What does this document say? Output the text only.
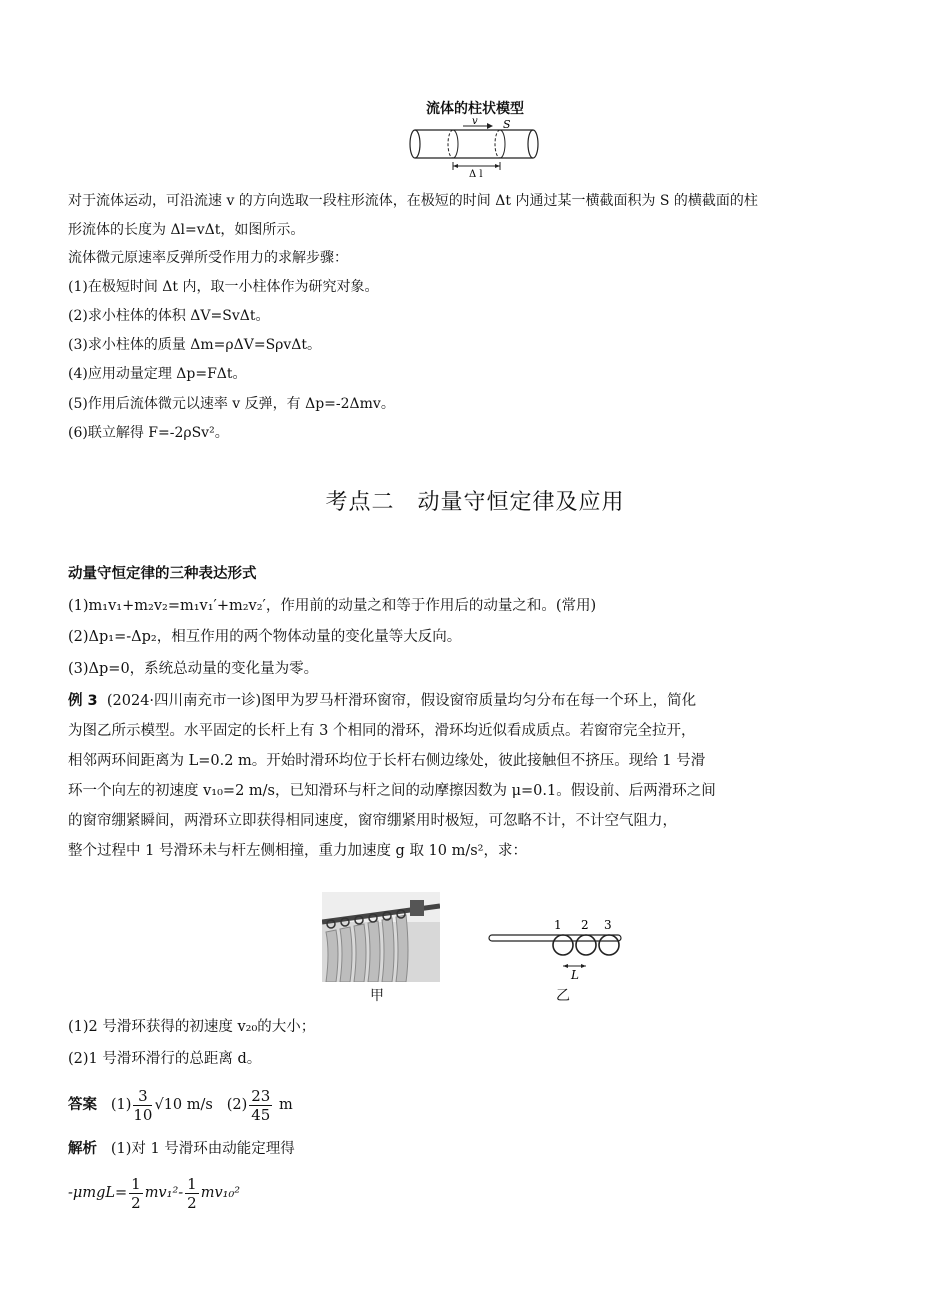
流体的柱状模型
v S
Δ l
对于流体运动，可沿流速 v 的方向选取一段柱形流体，在极短的时间 Δt 内通过某一横截面积为 S 的横截面的柱
形流体的长度为 Δl=vΔt，如图所示。
流体微元原速率反弹所受作用力的求解步骤：
(1)在极短时间 Δt 内，取一小柱体作为研究对象。
(2)求小柱体的体积 ΔV=SvΔt。
(3)求小柱体的质量 Δm=ρΔV=SρvΔt。
(4)应用动量定理 Δp=FΔt。
(5)作用后流体微元以速率 v 反弹，有 Δp=-2Δmv。
(6)联立解得 F=-2ρSv²。
考点二　动量守恒定律及应用
动量守恒定律的三种表达形式
(1)m₁v₁+m₂v₂=m₁v₁′+m₂v₂′，作用前的动量之和等于作用后的动量之和。(常用)
(2)Δp₁=-Δp₂，相互作用的两个物体动量的变化量等大反向。
(3)Δp=0，系统总动量的变化量为零。
例 3 (2024·四川南充市一诊)图甲为罗马杆滑环窗帘，假设窗帘质量均匀分布在每一个环上，简化
为图乙所示模型。水平固定的长杆上有 3 个相同的滑环，滑环均近似看成质点。若窗帘完全拉开，
相邻两环间距离为 L=0.2 m。开始时滑环均位于长杆右侧边缘处，彼此接触但不挤压。现给 1 号滑
环一个向左的初速度 v₁₀=2 m/s，已知滑环与杆之间的动摩擦因数为 μ=0.1。假设前、后两滑环之间
的窗帘绷紧瞬间，两滑环立即获得相同速度，窗帘绷紧用时极短，可忽略不计，不计空气阻力，
整个过程中 1 号滑环未与杆左侧相撞，重力加速度 g 取 10 m/s²，求：
甲
1 2 3
L
乙
(1)2 号滑环获得的初速度 v₂₀的大小；
(2)1 号滑环滑行的总距离 d。
答案
$(1) \frac{3}{10} √10$
m/s
$(2) \frac{23}{45}$
m
解析 (1)对 1 号滑环由动能定理得
$-\mu mgL= \frac{1}{2} mv_1^2 - \frac{1}{2} mv_{10}^2$
